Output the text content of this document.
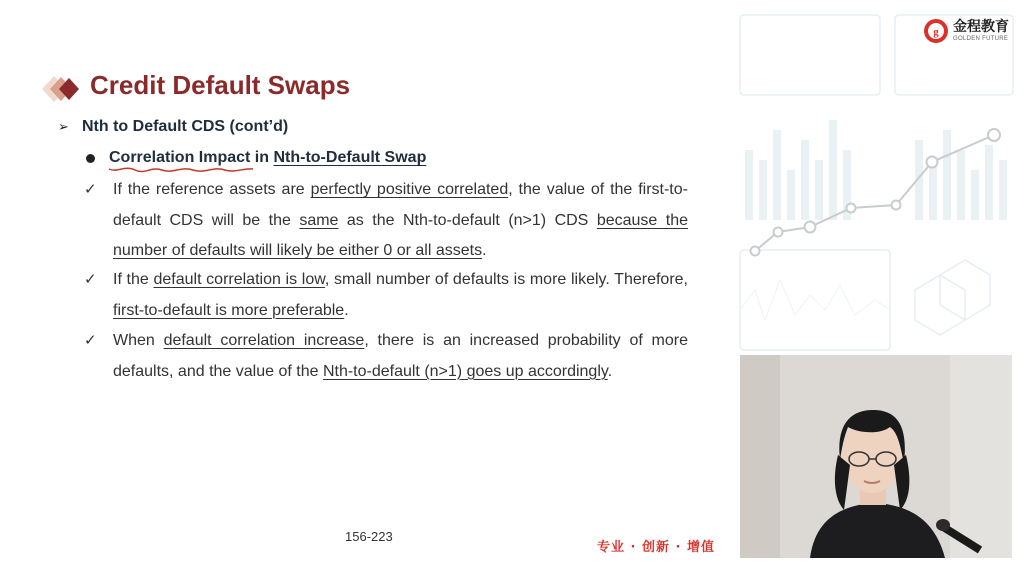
g 金程教育
GOLDEN FUTURE
Credit Default Swaps
➢ Nth to Default CDS (cont’d)
Correlation Impact in Nth-to-Default Swap
✓ If the reference assets are perfectly positive correlated, the value of the first-to-default CDS will be the same as the Nth-to-default (n>1) CDS because the number of defaults will likely be either 0 or all assets.

✓ If the default correlation is low, small number of defaults is more likely. Therefore, first-to-default is more preferable.

✓ When default correlation increase, there is an increased probability of more defaults, and the value of the Nth-to-default (n>1) goes up accordingly.

156-223
专业 · 创新 · 增值
